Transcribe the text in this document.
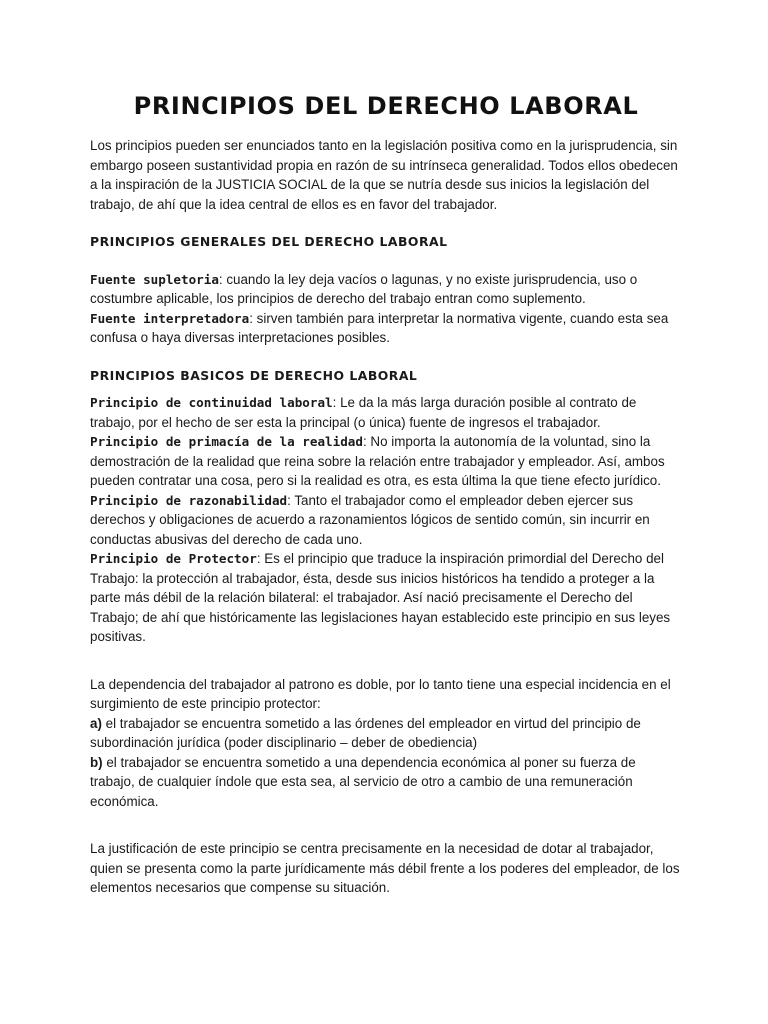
PRINCIPIOS DEL DERECHO LABORAL

Los principios pueden ser enunciados tanto en la legislación positiva como en la jurisprudencia, sin embargo poseen sustantividad propia en razón de su intrínseca generalidad. Todos ellos obedecen a la inspiración de la JUSTICIA SOCIAL de la que se nutría desde sus inicios la legislación del trabajo, de ahí que la idea central de ellos es en favor del trabajador.

PRINCIPIOS GENERALES DEL DERECHO LABORAL

Fuente supletoria: cuando la ley deja vacíos o lagunas, y no existe jurisprudencia, uso o costumbre aplicable, los principios de derecho del trabajo entran como suplemento.

Fuente interpretadora: sirven también para interpretar la normativa vigente, cuando esta sea confusa o haya diversas interpretaciones posibles.

PRINCIPIOS BASICOS DE DERECHO LABORAL

Principio de continuidad laboral: Le da la más larga duración posible al contrato de trabajo, por el hecho de ser esta la principal (o única) fuente de ingresos el trabajador.

Principio de primacía de la realidad: No importa la autonomía de la voluntad, sino la demostración de la realidad que reina sobre la relación entre trabajador y empleador. Así, ambos pueden contratar una cosa, pero si la realidad es otra, es esta última la que tiene efecto jurídico.

Principio de razonabilidad: Tanto el trabajador como el empleador deben ejercer sus derechos y obligaciones de acuerdo a razonamientos lógicos de sentido común, sin incurrir en conductas abusivas del derecho de cada uno.

Principio de Protector: Es el principio que traduce la inspiración primordial del Derecho del Trabajo: la protección al trabajador, ésta, desde sus inicios históricos ha tendido a proteger a la parte más débil de la relación bilateral: el trabajador. Así nació precisamente el Derecho del Trabajo; de ahí que históricamente las legislaciones hayan establecido este principio en sus leyes positivas.

La dependencia del trabajador al patrono es doble, por lo tanto tiene una especial incidencia en el surgimiento de este principio protector:

a) el trabajador se encuentra sometido a las órdenes del empleador en virtud del principio de subordinación jurídica (poder disciplinario – deber de obediencia)

b) el trabajador se encuentra sometido a una dependencia económica al poner su fuerza de trabajo, de cualquier índole que esta sea, al servicio de otro a cambio de una remuneración económica.

La justificación de este principio se centra precisamente en la necesidad de dotar al trabajador, quien se presenta como la parte jurídicamente más débil frente a los poderes del empleador, de los elementos necesarios que compense su situación.
